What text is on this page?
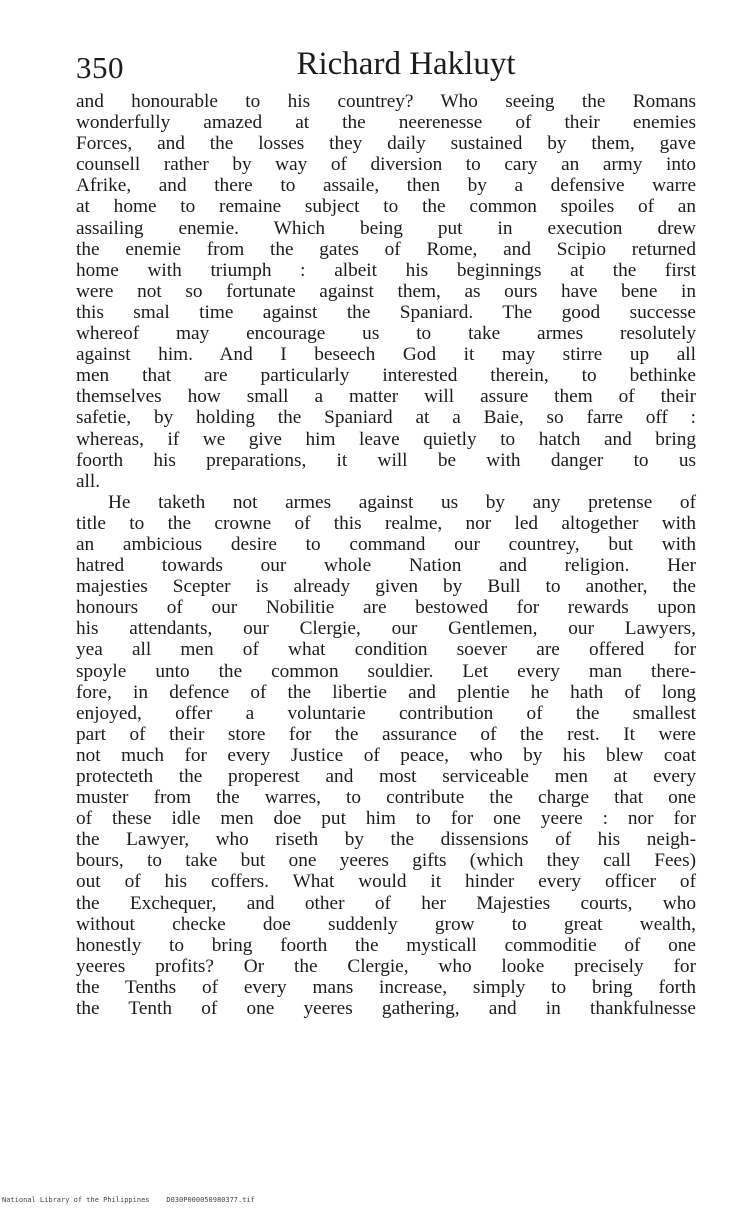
350	Richard Hakluyt
and honourable to his countrey? Who seeing the Romans
wonderfully amazed at the neerenesse of their enemies
Forces, and the losses they daily sustained by them, gave
counsell rather by way of diversion to cary an army into
Afrike, and there to assaile, then by a defensive warre
at home to remaine subject to the common spoiles of an
assailing enemie. Which being put in execution drew
the enemie from the gates of Rome, and Scipio returned
home with triumph : albeit his beginnings at the first
were not so fortunate against them, as ours have bene in
this smal time against the Spaniard. The good successe
whereof may encourage us to take armes resolutely
against him. And I beseech God it may stirre up all
men that are particularly interested therein, to bethinke
themselves how small a matter will assure them of their
safetie, by holding the Spaniard at a Baie, so farre off :
whereas, if we give him leave quietly to hatch and bring
foorth his preparations, it will be with danger to us
all.
He taketh not armes against us by any pretense of
title to the crowne of this realme, nor led altogether with
an ambicious desire to command our countrey, but with
hatred towards our whole Nation and religion. Her
majesties Scepter is already given by Bull to another, the
honours of our Nobilitie are bestowed for rewards upon
his attendants, our Clergie, our Gentlemen, our Lawyers,
yea all men of what condition soever are offered for
spoyle unto the common souldier. Let every man there-
fore, in defence of the libertie and plentie he hath of long
enjoyed, offer a voluntarie contribution of the smallest
part of their store for the assurance of the rest. It were
not much for every Justice of peace, who by his blew coat
protecteth the properest and most serviceable men at every
muster from the warres, to contribute the charge that one
of these idle men doe put him to for one yeere : nor for
the Lawyer, who riseth by the dissensions of his neigh-
bours, to take but one yeeres gifts (which they call Fees)
out of his coffers. What would it hinder every officer of
the Exchequer, and other of her Majesties courts, who
without checke doe suddenly grow to great wealth,
honestly to bring foorth the mysticall commoditie of one
yeeres profits? Or the Clergie, who looke precisely for
the Tenths of every mans increase, simply to bring forth
the Tenth of one yeeres gathering, and in thankfulnesse
National Library of the Philippines D030P000050980377.tif
